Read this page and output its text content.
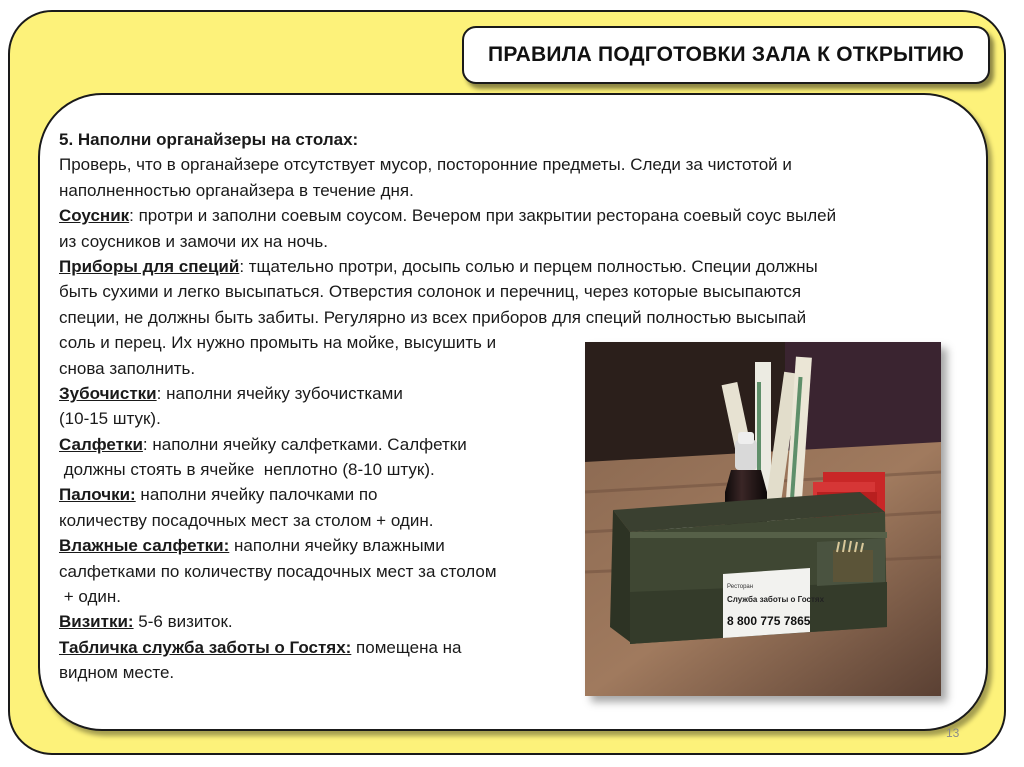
ПРАВИЛА ПОДГОТОВКИ ЗАЛА К ОТКРЫТИЮ
5. Наполни органайзеры на столах:
Проверь, что в органайзере отсутствует мусор, посторонние предметы. Следи за чистотой и
наполненностью органайзера в течение дня.
Соусник: протри и заполни соевым соусом. Вечером при закрытии ресторана соевый соус вылей
из соусников и замочи их на ночь.
Приборы для специй: тщательно протри, досыпь солью и перцем полностью. Специи должны
быть сухими и легко высыпаться. Отверстия солонок и перечниц, через которые высыпаются
специи, не должны быть забиты. Регулярно из всех приборов для специй полностью высыпай
соль и перец. Их нужно промыть на мойке, высушить и
снова заполнить.
Зубочистки: наполни ячейку зубочистками
(10-15 штук).
Салфетки: наполни ячейку салфетками. Салфетки
должны стоять в ячейке  неплотно (8-10 штук).
Палочки: наполни ячейку палочками по
количеству посадочных мест за столом + один.
Влажные салфетки: наполни ячейку влажными
салфетками по количеству посадочных мест за столом
+ один.
Визитки: 5-6 визиток.
Табличка служба заботы о Гостях: помещена на
видном месте.
Ресторан
Служба заботы о Гостях
8 800 775 7865
13
